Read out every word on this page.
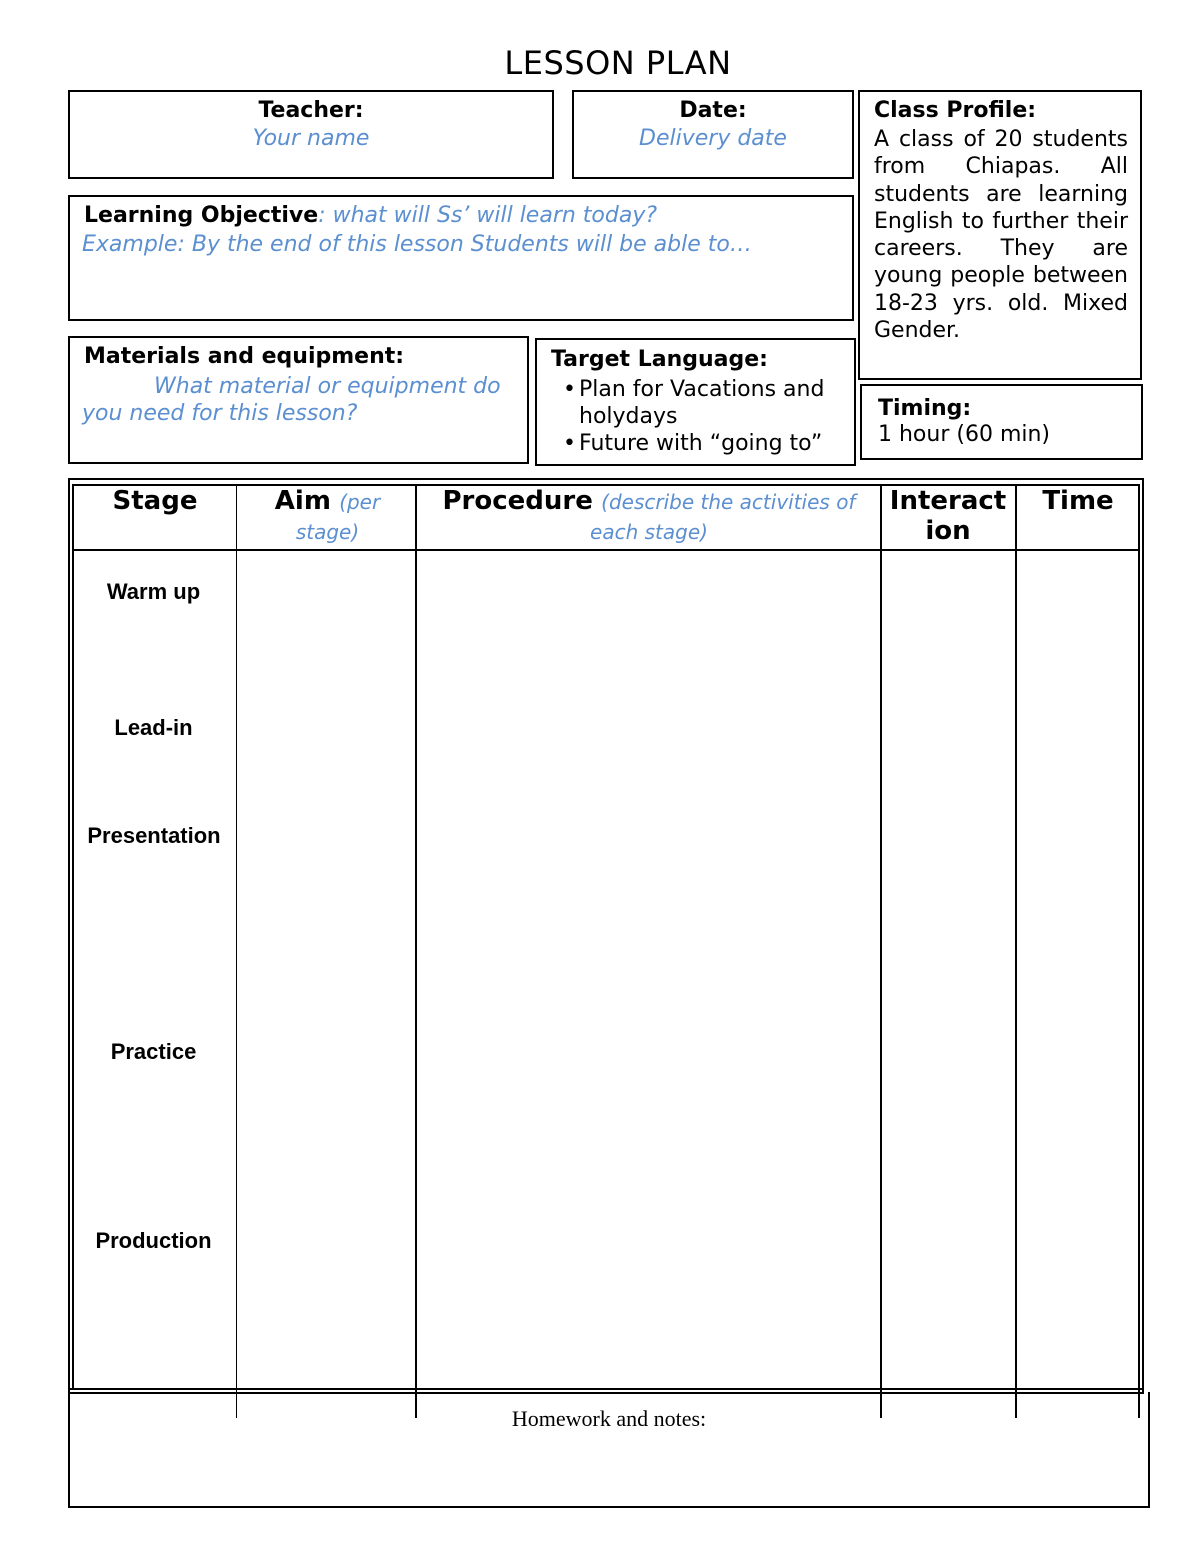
LESSON PLAN
Teacher:
Your name
Date:
Delivery date
Class Profile:
A class of 20 students from Chiapas. All students are learning English to further their careers. They are young people between 18-23 yrs. old. Mixed Gender.
Learning Objective: what will Ss’ will learn today?
Example: By the end of this lesson Students will be able to…
Materials and equipment:
What material or equipment do you need for this lesson?
Target Language:
• Plan for Vacations and holydays
• Future with “going to”
Timing:
1 hour (60 min)
Stage	Aim (per stage)
Procedure (describe the activities of each stage)
Interaction
Time
Warm up
Lead-in
Presentation
Practice
Production
Homework and notes:
